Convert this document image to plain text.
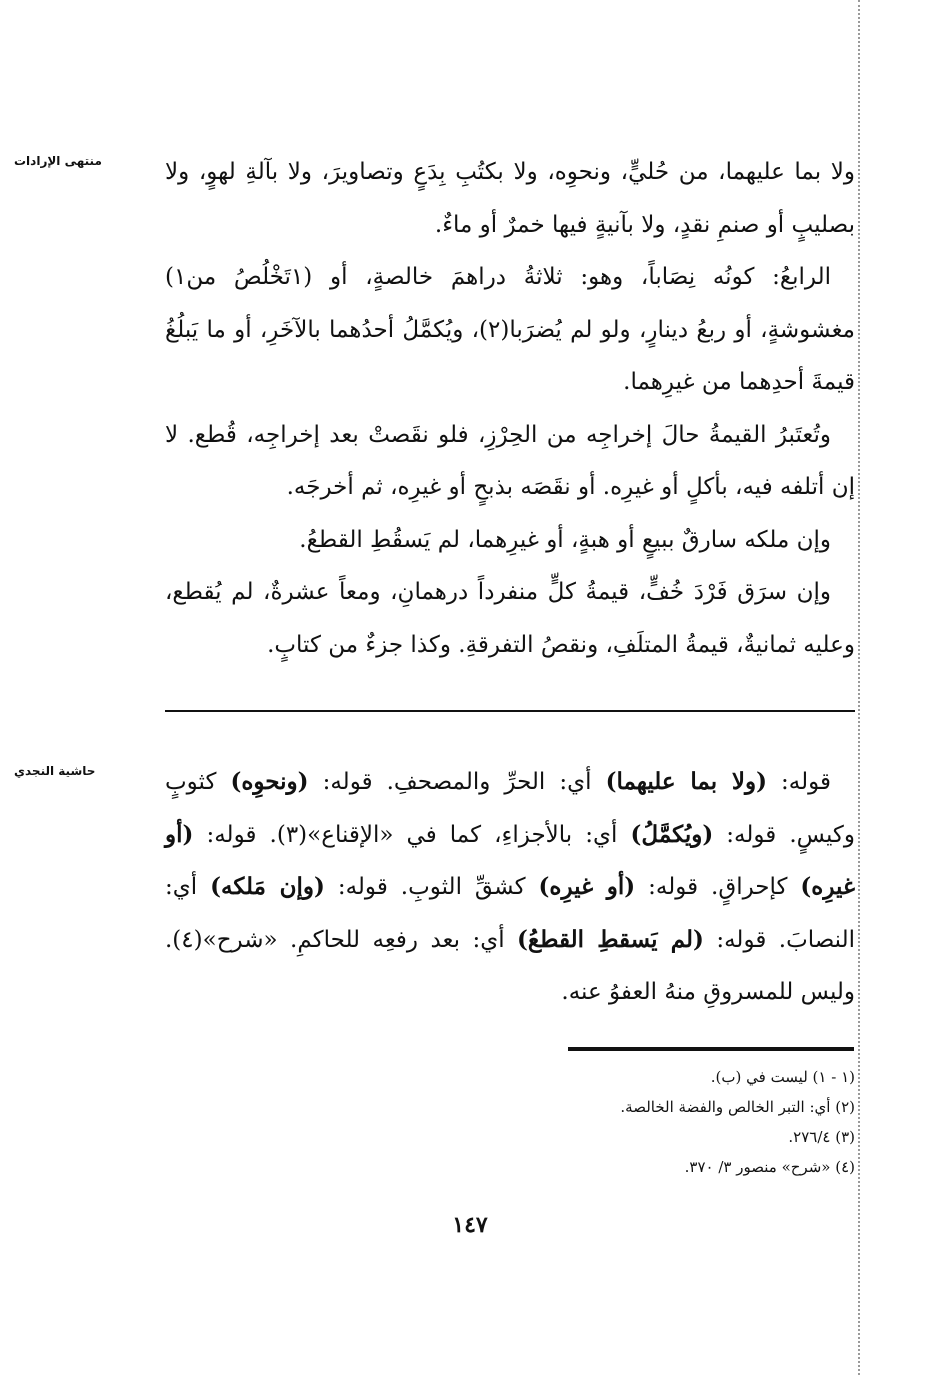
منتهى الإرادات	ولا بما عليهما، من حُليٍّ، ونحوِه، ولا بكتُبِ بِدَعٍ وتصاويرَ، ولا بآلةِ لهوٍ، ولا بصليبٍ أو صنمِ نقدٍ، ولا بآنيةٍ فيها خمرٌ أو ماءٌ.

الرابعُ: كونُه نِصَاباً، وهو: ثلاثةُ دراهمَ خالصةٍ، أو (١تَخْلُصُ من١) مغشوشةٍ، أو ربعُ دينارٍ، ولو لم يُضرَبا(٢)، ويُكمَّلُ أحدُهما بالآخَرِ، أو ما يَبلُغُ قيمةَ أحدِهما من غيرِهما.

وتُعتَبرُ القيمةُ حالَ إخراجِه من الحِرْزِ، فلو نقَصتْ بعد إخراجِه، قُطع. لا إن أتلفه فيه، بأكلٍ أو غيرِه. أو نقَصَه بذبحٍ أو غيرِه، ثم أخرجَه.

وإن ملكه سارقٌ ببيعٍ أو هبةٍ، أو غيرِهما، لم يَسقُطِ القطعُ.

وإن سرَق فَرْدَ خُفٍّ، قيمةُ كلٍّ منفرداً درهمانِ، ومعاً عشرةٌ، لم يُقطع، وعليه ثمانيةٌ، قيمةُ المتلَفِ، ونقصُ التفرقةِ. وكذا جزءٌ من كتابٍ.

حاشية النجدي	قوله: (ولا بما عليهما) أي: الحرِّ والمصحفِ. قوله: (ونحوِه) كثوبٍ وكيسٍ. قوله: (ويُكمَّلُ) أي: بالأجزاءِ، كما في «الإقناع»(٣). قوله: (أو غيرِه) كإحراقٍ. قوله: (أو غيرِه) كشقِّ الثوبِ. قوله: (وإن مَلكه) أي: النصابَ. قوله: (لم يَسقطِ القطعُ) أي: بعد رفعِه للحاكمِ. «شرح»(٤). وليس للمسروقِ منهُ العفوُ عنه.

(١ - ١) ليست في (ب).

(٢) أي: التبر الخالص والفضة الخالصة.

(٣) ٢٧٦/٤.

(٤) «شرح» منصور ٣/ ٣٧٠.

١٤٧
